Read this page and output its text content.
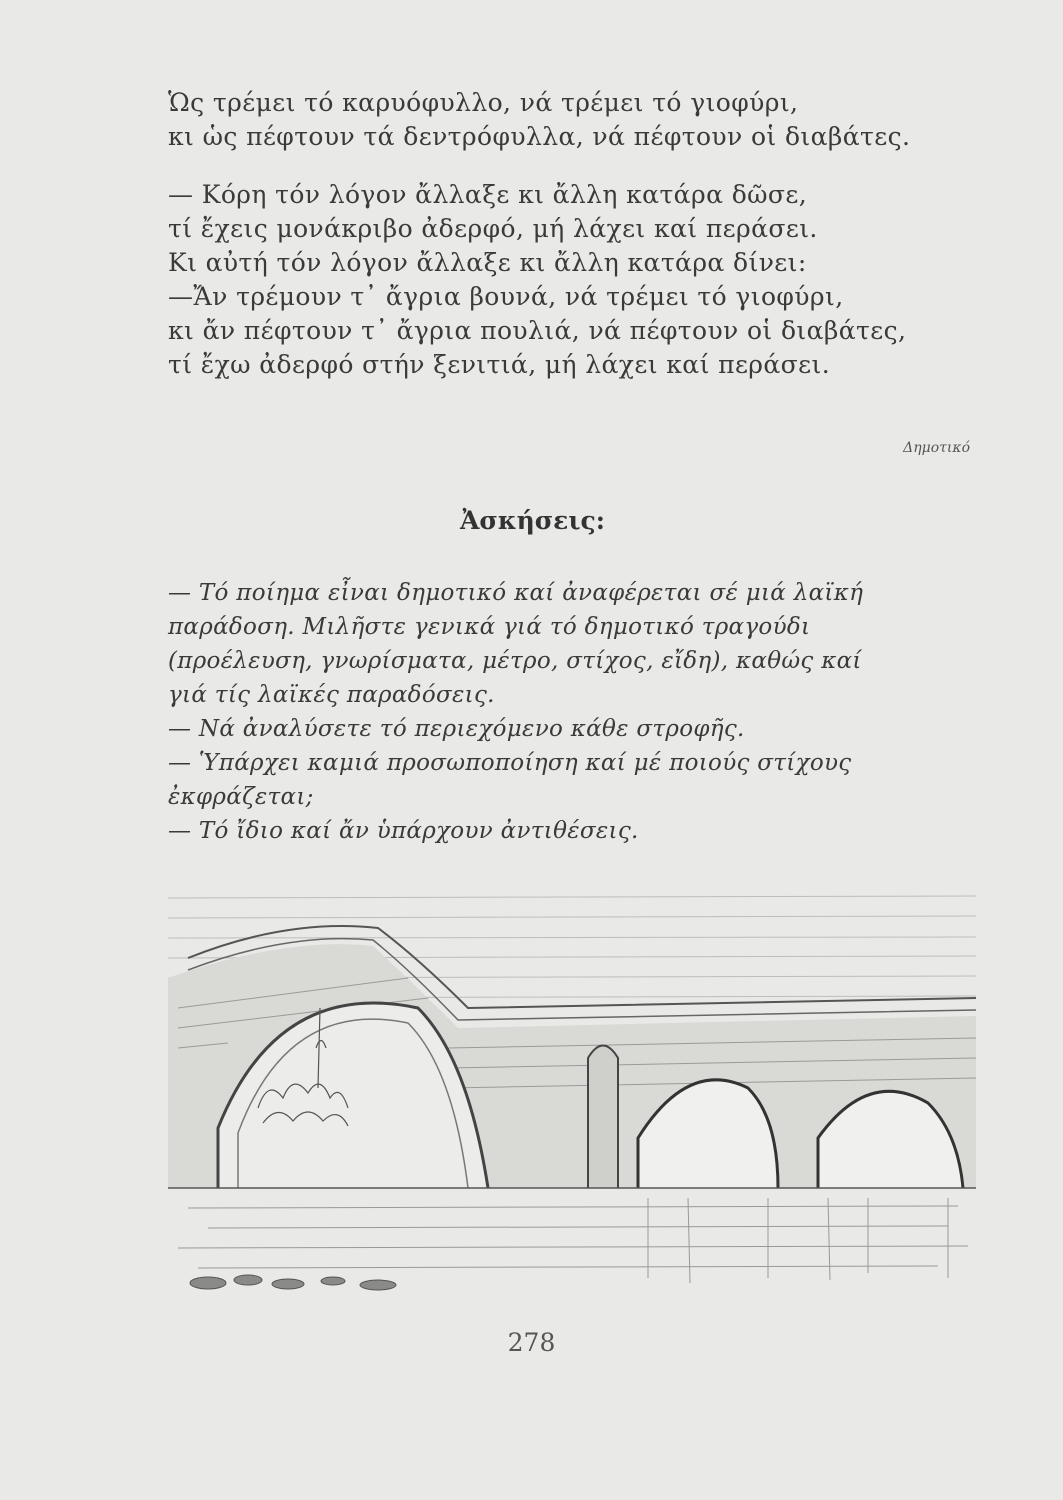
Ὡς τρέμει τό καρυόφυλλο, νά τρέμει τό γιοφύρι,

κι ὡς πέφτουν τά δεντρόφυλλα, νά πέφτουν οἱ διαβάτες.

— Κόρη τόν λόγον ἄλλαξε κι ἄλλη κατάρα δῶσε,

τί ἔχεις μονάκριβο ἀδερφό, μή λάχει καί περάσει.

Κι αὐτή τόν λόγον ἄλλαξε κι ἄλλη κατάρα δίνει:

—Ἄν τρέμουν τ᾽ ἄγρια βουνά, νά τρέμει τό γιοφύρι,

κι ἄν πέφτουν τ᾽ ἄγρια πουλιά, νά πέφτουν οἱ διαβάτες,

τί ἔχω ἀδερφό στήν ξενιτιά, μή λάχει καί περάσει.

Δημοτικό
Ἀσκήσεις:

— Τό ποίημα εἶναι δημοτικό καί ἀναφέρεται σέ μιά λαϊκή

παράδοση. Μιλῆστε γενικά γιά τό δημοτικό τραγούδι

(προέλευση, γνωρίσματα, μέτρο, στίχος, εἴδη), καθώς καί

γιά τίς λαϊκές παραδόσεις.

— Νά ἀναλύσετε τό περιεχόμενο κάθε στροφῆς.

— Ὑπάρχει καμιά προσωποποίηση καί μέ ποιούς στίχους

ἐκφράζεται;

— Τό ἴδιο καί ἄν ὑπάρχουν ἀντιθέσεις.

278
